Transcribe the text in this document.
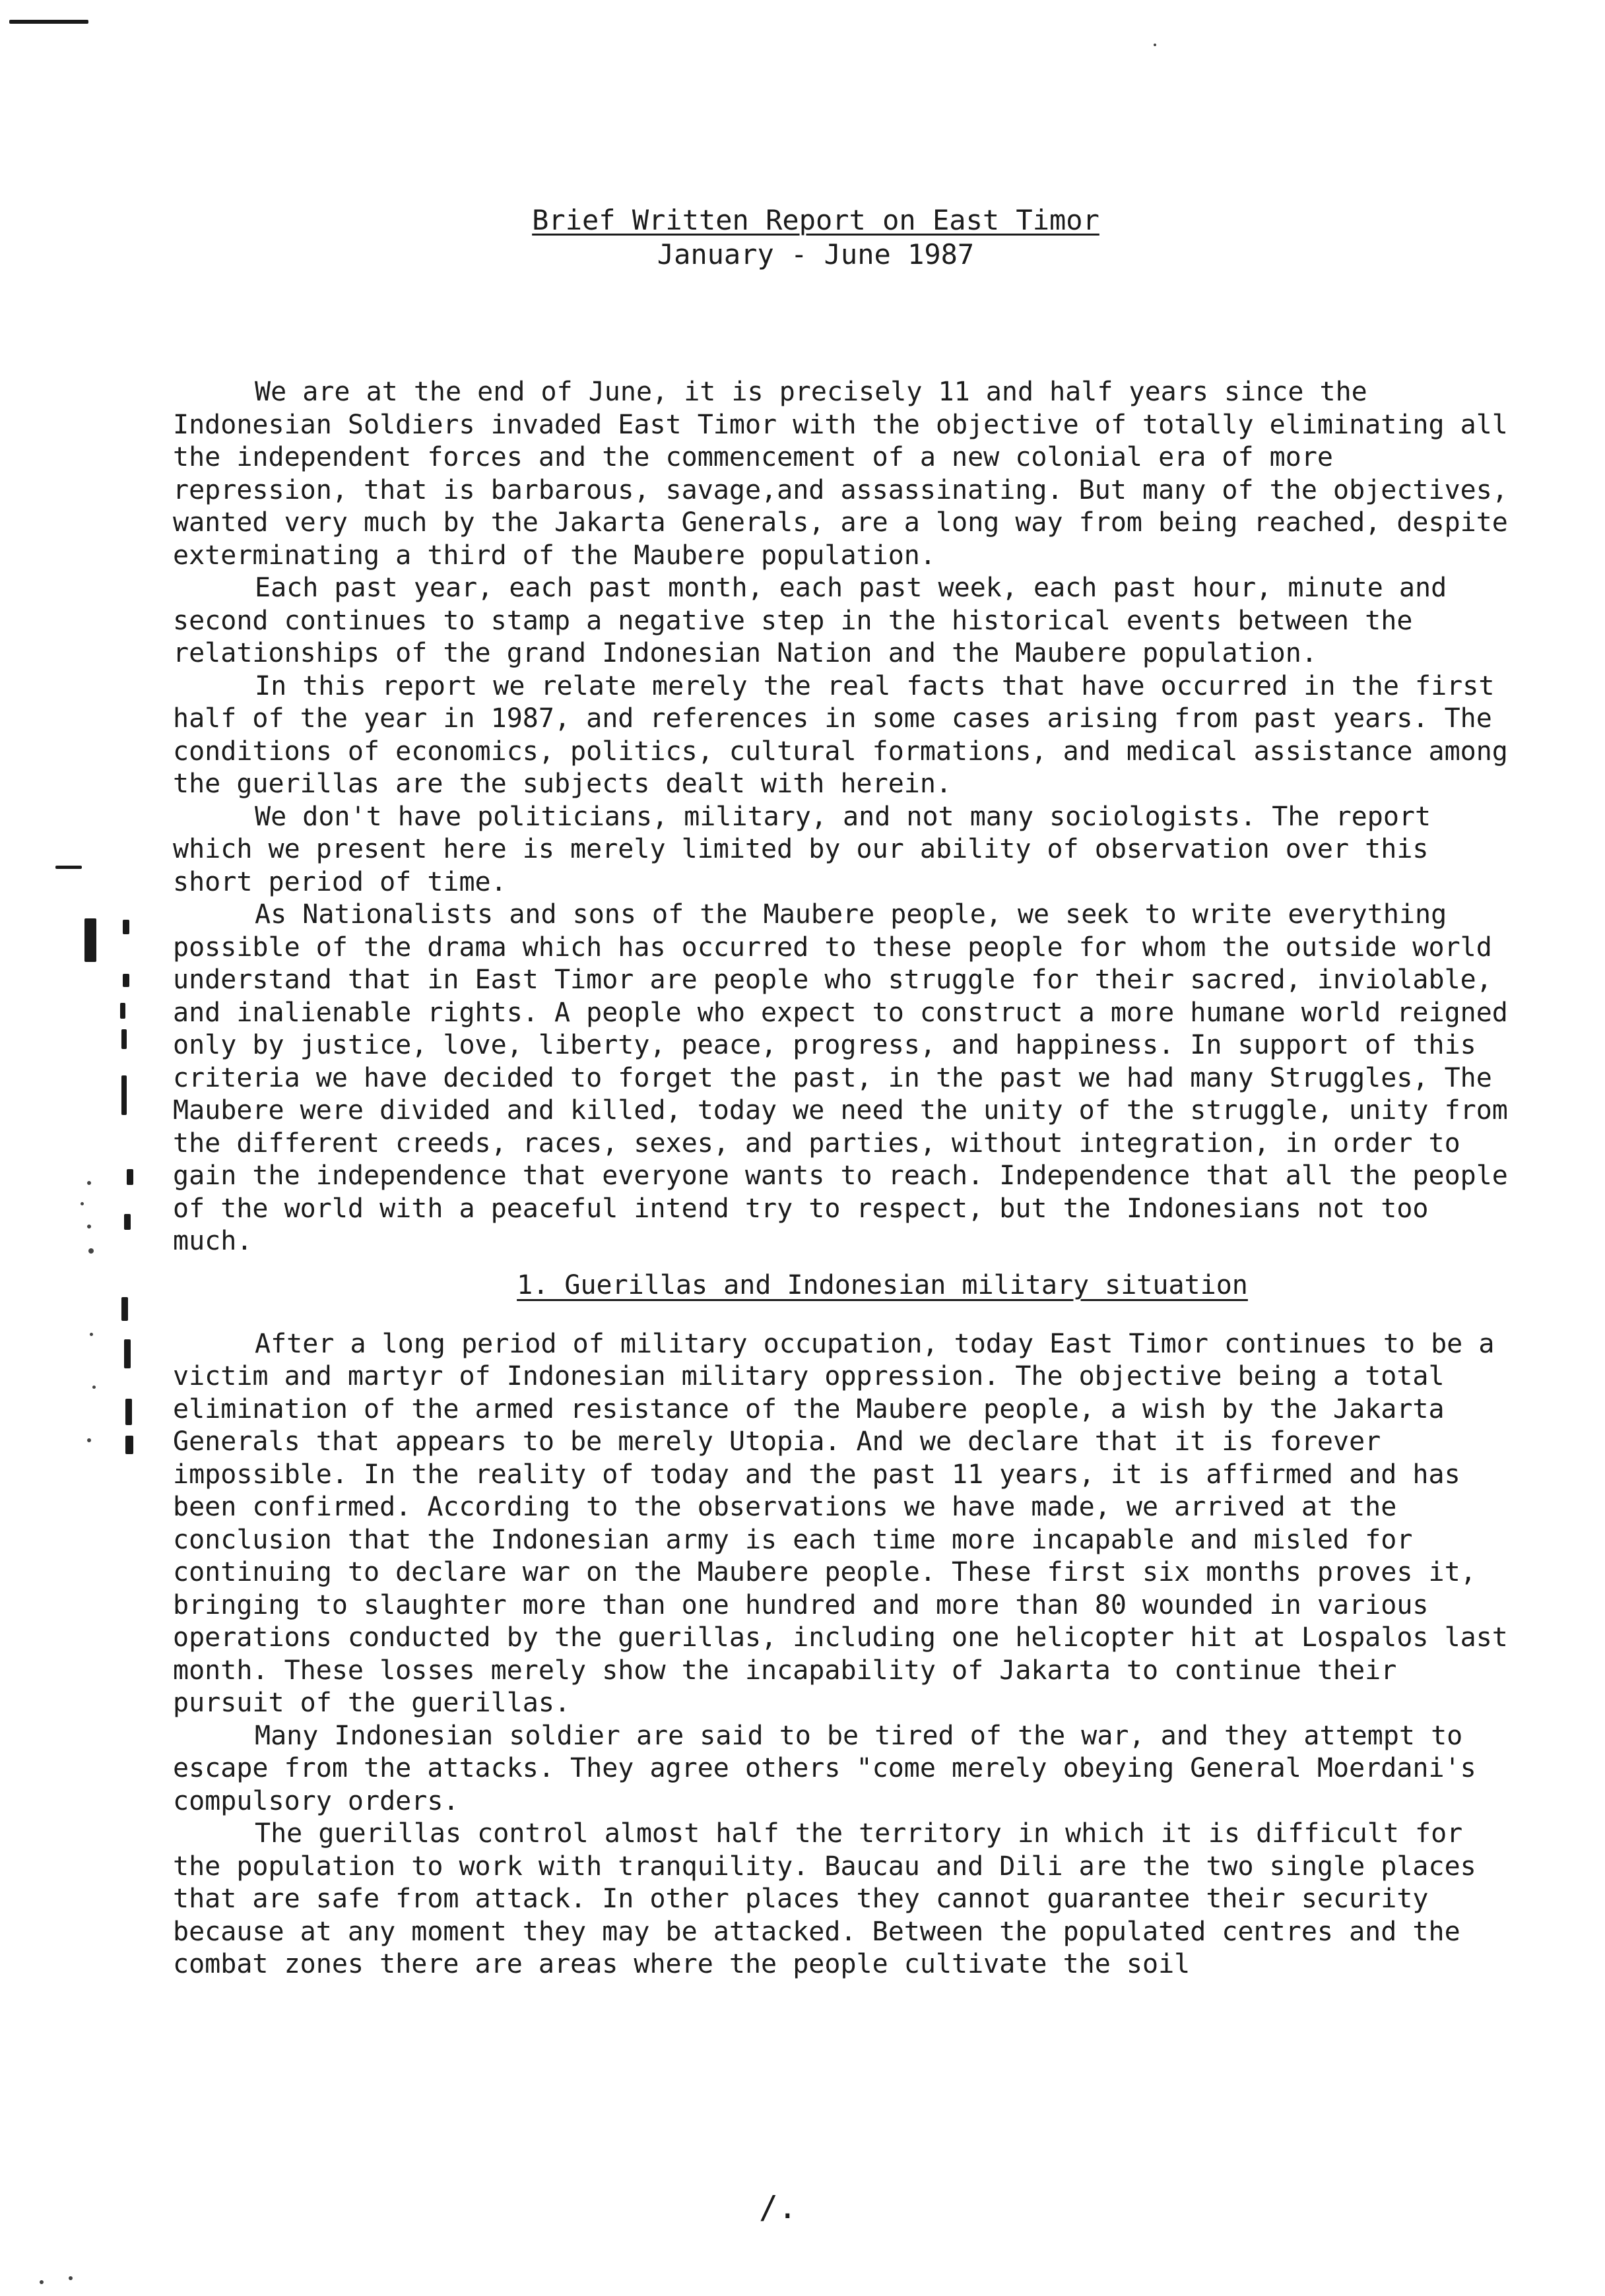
Brief Written Report on East Timor
January - June 1987

We are at the end of June, it is precisely 11 and half years since the Indonesian Soldiers invaded East Timor with the objective of totally eliminating all the independent forces and the commencement of a new colonial era of more repression, that is barbarous, savage,and assassinating. But many of the objectives, wanted very much by the Jakarta Generals, are a long way from being reached, despite exterminating a third of the Maubere population.

Each past year, each past month, each past week, each past hour, minute and second continues to stamp a negative step in the historical events between the relationships of the grand Indonesian Nation and the Maubere population.

In this report we relate merely the real facts that have occurred in the first half of the year in 1987, and references in some cases arising from past years. The conditions of economics, politics, cultural formations, and medical assistance among the guerillas are the subjects dealt with herein.

We don't have politicians, military, and not many sociologists. The report which we present here is merely limited by our ability of observation over this short period of time.

As Nationalists and sons of the Maubere people, we seek to write everything possible of the drama which has occurred to these people for whom the outside world understand that in East Timor are people who struggle for their sacred, inviolable, and inalienable rights. A people who expect to construct a more humane world reigned only by justice, love, liberty, peace, progress, and happiness. In support of this criteria we have decided to forget the past, in the past we had many Struggles, The Maubere were divided and killed, today we need the unity of the struggle, unity from the different creeds, races, sexes, and parties, without integration, in order to gain the independence that everyone wants to reach. Independence that all the people of the world with a peaceful intend try to respect, but the Indonesians not too much.

1. Guerillas and Indonesian military situation

After a long period of military occupation, today East Timor continues to be a victim and martyr of Indonesian military oppression. The objective being a total elimination of the armed resistance of the Maubere people, a wish by the Jakarta Generals that appears to be merely Utopia. And we declare that it is forever impossible. In the reality of today and the past 11 years, it is affirmed and has been confirmed. According to the observations we have made, we arrived at the conclusion that the Indonesian army is each time more incapable and misled for continuing to declare war on the Maubere people. These first six months proves it, bringing to slaughter more than one hundred and more than 80 wounded in various operations conducted by the guerillas, including one helicopter hit at Lospalos last month. These losses merely show the incapability of Jakarta to continue their pursuit of the guerillas.

Many Indonesian soldier are said to be tired of the war, and they attempt to escape from the attacks. They agree others "come merely obeying General Moerdani's compulsory orders.

The guerillas control almost half the territory in which it is difficult for the population to work with tranquility. Baucau and Dili are the two single places that are safe from attack. In other places they cannot guarantee their security because at any moment they may be attacked. Between the populated centres and the combat zones there are areas where the people cultivate the soil

/.
